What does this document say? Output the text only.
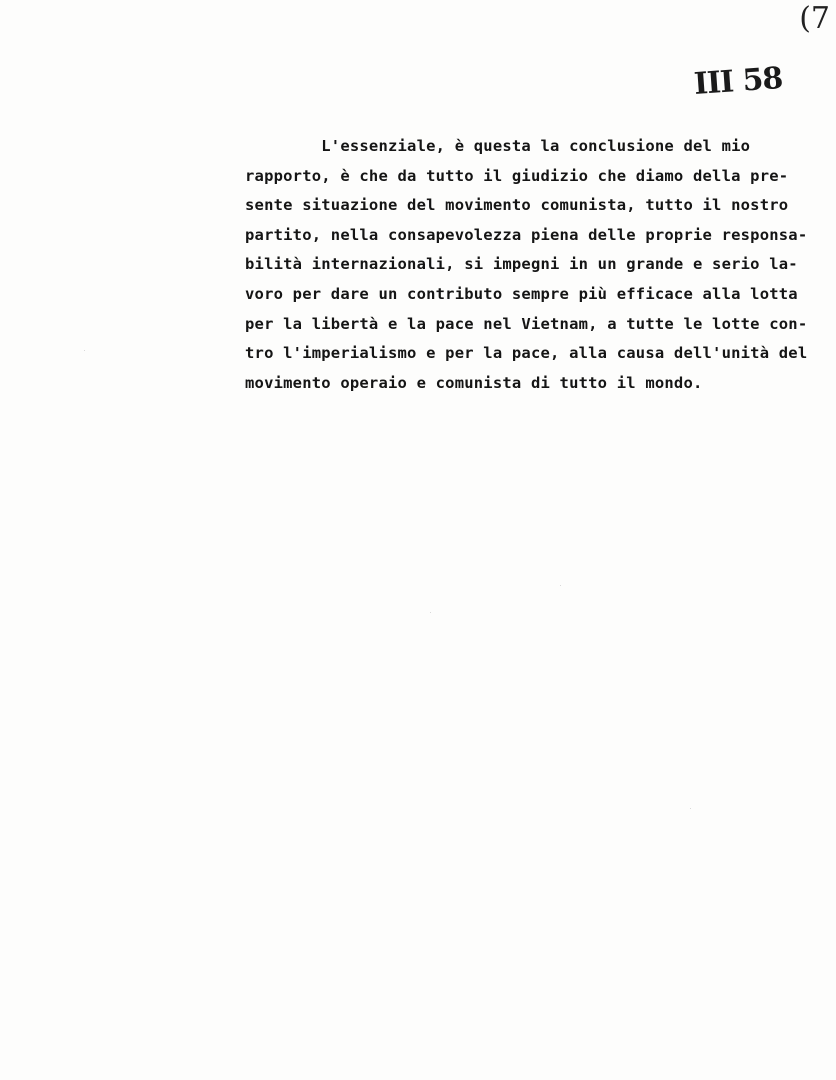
(7
III 58
L'essenziale, è questa la conclusione del mio
rapporto, è che da tutto il giudizio che diamo della pre-
sente situazione del movimento comunista, tutto il nostro
partito, nella consapevolezza piena delle proprie responsa-
bilità internazionali, si impegni in un grande e serio la-
voro per dare un contributo sempre più efficace alla lotta
per la libertà e la pace nel Vietnam, a tutte le lotte con-
tro l'imperialismo e per la pace, alla causa dell'unità del
movimento operaio e comunista di tutto il mondo.
